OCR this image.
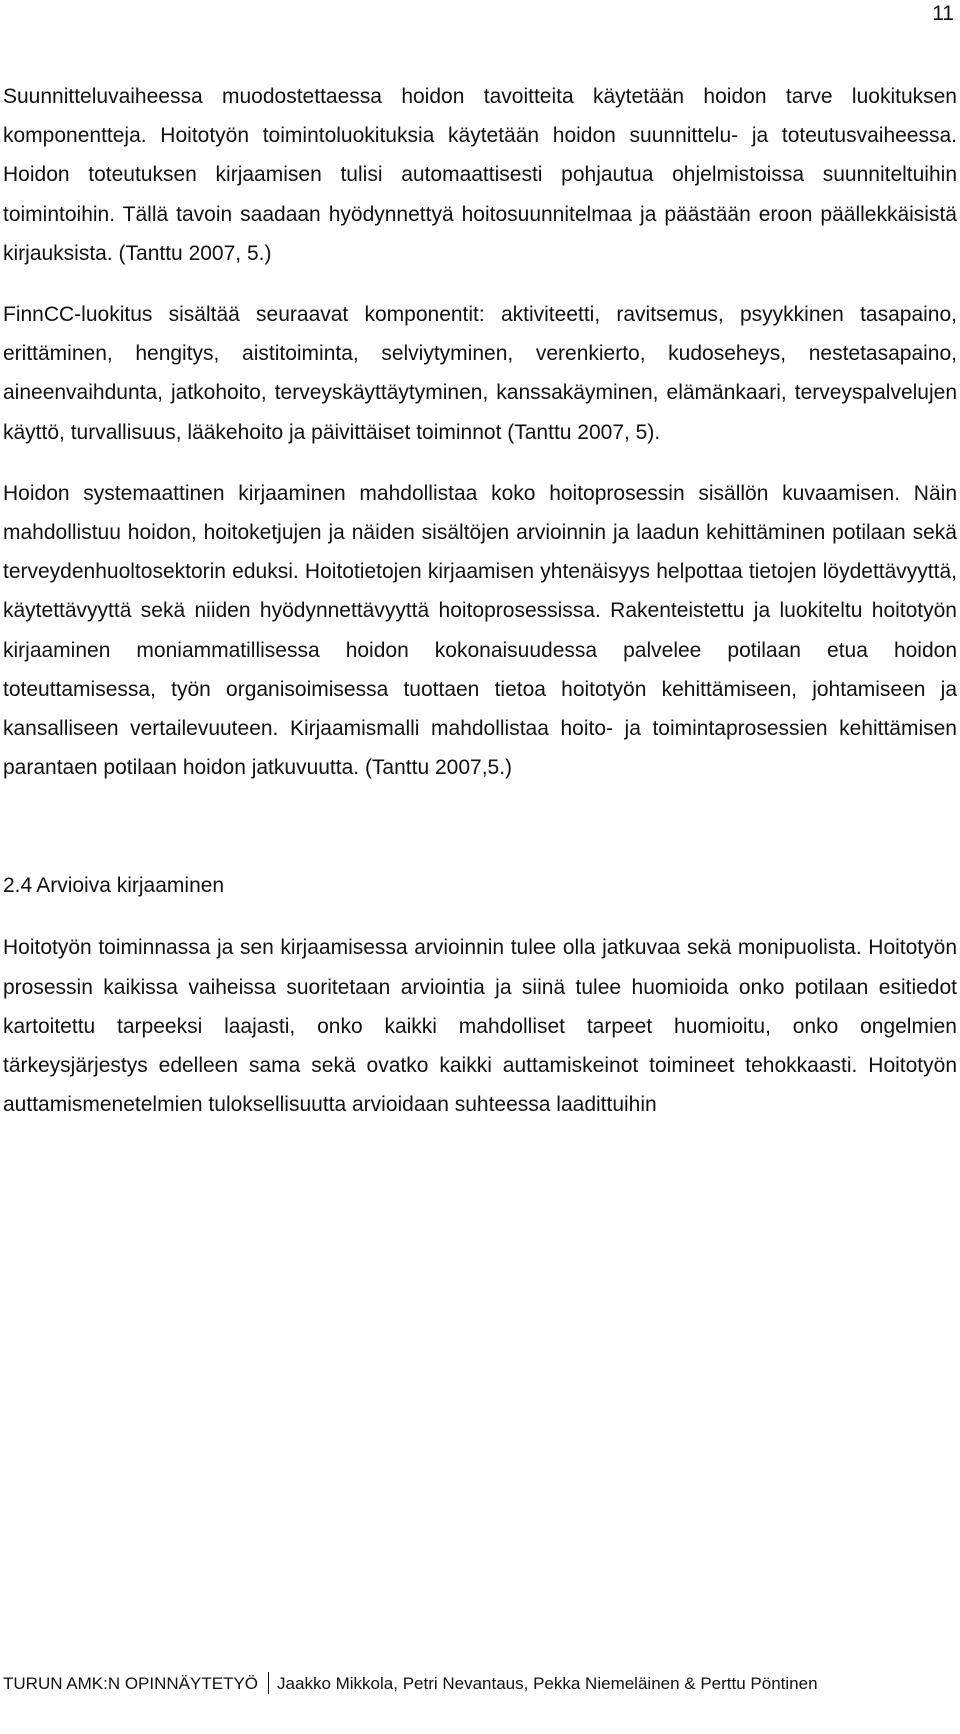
11

Suunnitteluvaiheessa muodostettaessa hoidon tavoitteita käytetään hoidon tarve luokituksen komponentteja. Hoitotyön toimintoluokituksia käytetään hoidon suunnittelu- ja toteutusvaiheessa. Hoidon toteutuksen kirjaamisen tulisi automaattisesti pohjautua ohjelmistoissa suunniteltuihin toimintoihin. Tällä tavoin saadaan hyödynnettyä hoitosuunnitelmaa ja päästään eroon päällekkäisistä kirjauksista. (Tanttu 2007, 5.)

FinnCC-luokitus sisältää seuraavat komponentit: aktiviteetti, ravitsemus, psyykkinen tasapaino, erittäminen, hengitys, aistitoiminta, selviytyminen, verenkierto, kudoseheys, nestetasapaino, aineenvaihdunta, jatkohoito, terveyskäyttäytyminen, kanssakäyminen, elämänkaari, terveyspalvelujen käyttö, turvallisuus, lääkehoito ja päivittäiset toiminnot (Tanttu 2007, 5).

Hoidon systemaattinen kirjaaminen mahdollistaa koko hoitoprosessin sisällön kuvaamisen. Näin mahdollistuu hoidon, hoitoketjujen ja näiden sisältöjen arvioinnin ja laadun kehittäminen potilaan sekä terveydenhuoltosektorin eduksi. Hoitotietojen kirjaamisen yhtenäisyys helpottaa tietojen löydettävyyttä, käytettävyyttä sekä niiden hyödynnettävyyttä hoitoprosessissa. Rakenteistettu ja luokiteltu hoitotyön kirjaaminen moniammatillisessa hoidon kokonaisuudessa palvelee potilaan etua hoidon toteuttamisessa, työn organisoimisessa tuottaen tietoa hoitotyön kehittämiseen, johtamiseen ja kansalliseen vertailevuuteen. Kirjaamismalli mahdollistaa hoito- ja toimintaprosessien kehittämisen parantaen potilaan hoidon jatkuvuutta. (Tanttu 2007,5.)

2.4 Arvioiva kirjaaminen

Hoitotyön toiminnassa ja sen kirjaamisessa arvioinnin tulee olla jatkuvaa sekä monipuolista. Hoitotyön prosessin kaikissa vaiheissa suoritetaan arviointia ja siinä tulee huomioida onko potilaan esitiedot kartoitettu tarpeeksi laajasti, onko kaikki mahdolliset tarpeet huomioitu, onko ongelmien tärkeysjärjestys edelleen sama sekä ovatko kaikki auttamiskeinot toimineet tehokkaasti. Hoitotyön auttamismenetelmien tuloksellisuutta arvioidaan suhteessa laadittuihin

TURUN AMK:N OPINNÄYTETYÖ Jaakko Mikkola, Petri Nevantaus, Pekka Niemeläinen & Perttu Pöntinen
